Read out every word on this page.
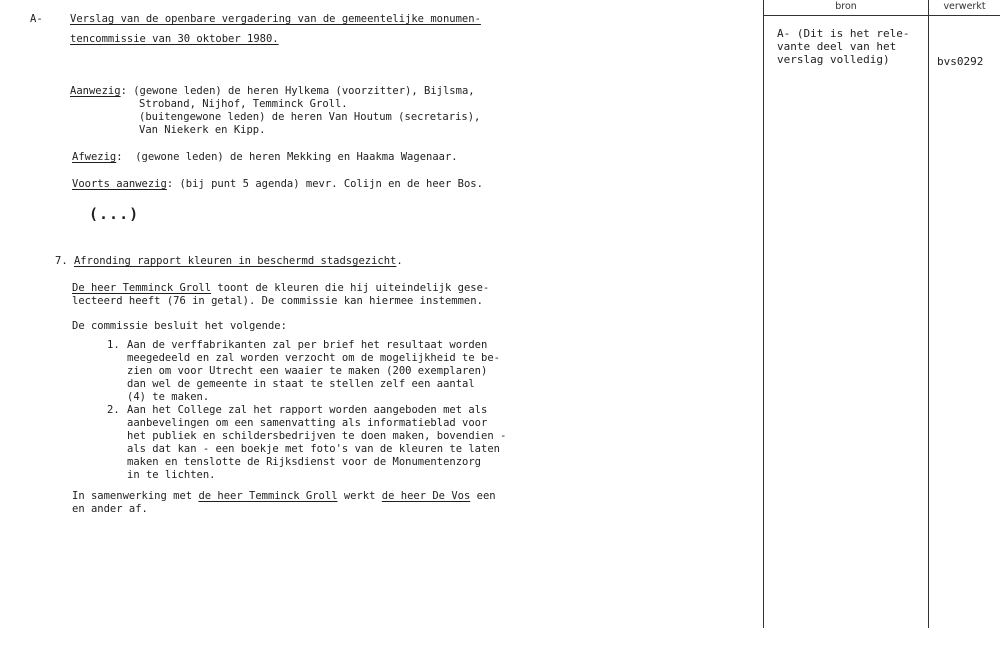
A-	Verslag van de openbare vergadering van de gemeentelijke monumen-
tencommissie van 30 oktober 1980.
Aanwezig: (gewone leden) de heren Hylkema (voorzitter), Bijlsma,
Stroband, Nijhof, Temminck Groll.
(buitengewone leden) de heren Van Houtum (secretaris),
Van Niekerk en Kipp.
Afwezig:  (gewone leden) de heren Mekking en Haakma Wagenaar.
Voorts aanwezig: (bij punt 5 agenda) mevr. Colijn en de heer Bos.
(...)
7. Afronding rapport kleuren in beschermd stadsgezicht.
De heer Temminck Groll toont de kleuren die hij uiteindelijk gese-
lecteerd heeft (76 in getal). De commissie kan hiermee instemmen.
De commissie besluit het volgende:
1. Aan de verffabrikanten zal per brief het resultaat worden
meegedeeld en zal worden verzocht om de mogelijkheid te be-
zien om voor Utrecht een waaier te maken (200 exemplaren)
dan wel de gemeente in staat te stellen zelf een aantal
(4) te maken.
2. Aan het College zal het rapport worden aangeboden met als
aanbevelingen om een samenvatting als informatieblad voor
het publiek en schildersbedrijven te doen maken, bovendien -
als dat kan - een boekje met foto's van de kleuren te laten
maken en tenslotte de Rijksdienst voor de Monumentenzorg
in te lichten.
In samenwerking met de heer Temminck Groll werkt de heer De Vos een
en ander af.
bron	verwerkt
A- (Dit is het rele-
vante deel van het
verslag volledig)	bvs0292
